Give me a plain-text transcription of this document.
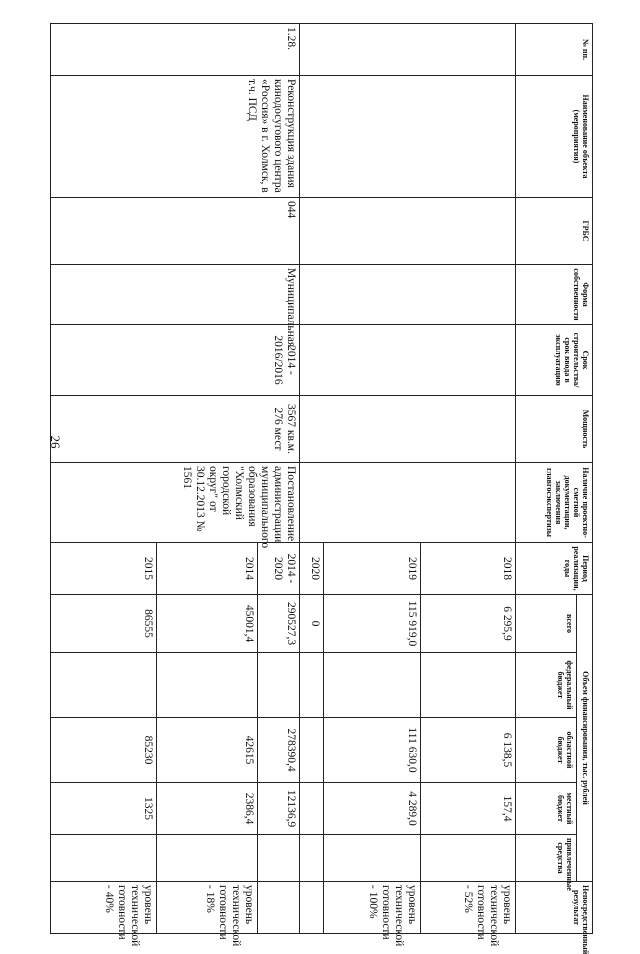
26
№ пп.	Наименование объекта (мероприятия)	ГРБС	Форма собственности	Срок строительства/срок ввода в эксплуатацию	Мощность	Наличие проектно-сметной документации, заключения главгосэкспертизы	Период реализации, годы	Объем финансирования, тыс. рублей					Непосредственный результат
								всего	федеральный бюджет	областной бюджет	местный бюджет	привлеченные средства	
							2018	6 295,9		6 138,5	157,4		уровень технической готовности - 52%
							2019	115 919,0		111 630,0	4 289,0		уровень технической готовности - 100%
							2020	0					
1.28.	Реконструкция здания кинодосугового центра «Россия» в г. Холмск, в т.ч. ПСД	044	Муниципальная	2014 - 2016/2016	3567 кв.м. 276 мест	Постановление администрации муниципального образования "Холмский городской округ" от 30.12.2013 № 1561	2014 - 2020	290527,3		278390,4	12136,9		
							2014	45001,4		42615	2386,4		уровень технической готовности - 18%
							2015	86555		85230	1325		уровень технической готовности - 40%
